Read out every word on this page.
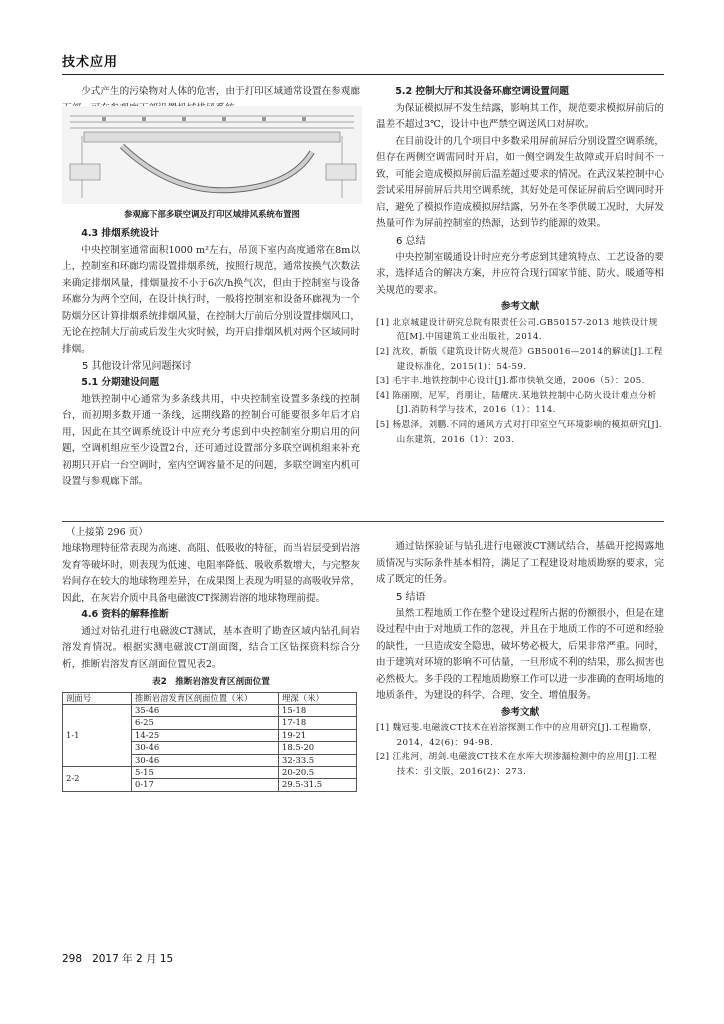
技术应用

少式产生的污染物对人体的危害，由于打印区域通常设置在参观廊

参观廊下部多联空调及打印区域排风系统布置图

4.3 排烟系统设计

中央控制室通常面积1000 m²左右，吊顶下室内高度通常在8m以上，控制室和环廊均需设置排烟系统，按照行规范，通常按换气次数法来确定排烟风量，排烟量按不小于6次/h换气次，但由于控制室与设备环廊分为两个空间，在设计执行时，一般将控制室和设备环廊视为一个防烟分区计算排烟系统排烟风量，在控制大厅前后分别设置排烟风口，无论在控制大厅前或后发生火灾时候，均开启排烟风机对两个区域同时排烟。

5 其他设计常见问题探讨

5.1 分期建设问题

地铁控制中心通常为多条线共用，中央控制室设置多条线的控制台，而初期多数开通一条线，远期线路的控制台可能要很多年后才启用，因此在其空调系统设计中应充分考虑到中央控制室分期启用的问题，空调机组应至少设置2台，还可通过设置部分多联空调机组来补充初期只开启一台空调时，室内空调容量不足的问题，多联空调室内机可设置与参观廊下部。

5.2 控制大厅和其设备环廊空调设置问题

为保证模拟屏不发生结露，影响其工作，规范要求模拟屏前后的温差不超过3℃，设计中也严禁空调送风口对屏吹。

在目前设计的几个项目中多数采用屏前屏后分别设置空调系统，但存在两侧空调需同时开启，如一侧空调发生故障或开启时间不一致，可能会造成模拟屏前后温差超过要求的情况。在武汉某控制中心尝试采用屏前屏后共用空调系统，其好处是可保证屏前后空调同时开启，避免了模拟作造成模拟屏结露，另外在冬季供暖工况时，大屏发热量可作为屏前控制室的热源，达到节约能源的效果。

6 总结

中央控制室暖通设计时应充分考虑到其建筑特点、工艺设备的要求，选择适合的解决方案，并应符合现行国家节能、防火、暖通等相关规范的要求。

参考文献

[1] 北京城建设计研究总院有限责任公司.GB50157-2013 地铁设计规范[M].中国建筑工业出版社，2014.

[2] 沈玫，新版《建筑设计防火规范》GB50016—2014的解读[J].工程建设标准化，2015(1)：54-59.

[3] 毛宇丰.地铁控制中心设计[J].都市快轨交通，2006（5）：205.

[4] 陈丽刚，尼军，肖朋让，陆耀庆.某地铁控制中心防火设计难点分析[J].消防科学与技术，2016（1）：114.

[5] 杨恩泽，刘鹏.不同的通风方式对打印室空气环境影响的模拟研究[J].山东建筑，2016（1）：203.

（上接第 296 页）

地球物理特征常表现为高速、高阻、低吸收的特征，而当岩层受到岩溶发育等破坏时，则表现为低速、电阻率降低、吸收系数增大，与完整灰岩间存在较大的地球物理差异，在成果图上表现为明显的高吸收异常，因此，在灰岩介质中具备电磁波CT探测岩溶的地球物理前提。

4.6 资料的解释推断

通过对钻孔进行电磁波CT测试，基本查明了勘查区域内钻孔间岩溶发育情况。根据实测电磁波CT剖面图，结合工区钻探资料综合分析，推断岩溶发育区剖面位置见表2。

表2　推断岩溶发育区剖面位置
剖面号	推断岩溶发育区剖面位置（米）	埋深（米）
1-1	35-46	15-18
	6-25	17-18
	14-25	19-21
	30-46	18.5-20
	30-46	32-33.5
2-2	5-15	20-20.5
	0-17	29.5-31.5

通过钻探验证与钻孔进行电磁波CT测试结合，基础开挖揭露地质情况与实际条件基本相符，满足了工程建设对地质勘察的要求，完成了既定的任务。

5 结语

虽然工程地质工作在整个建设过程所占据的份额很小，但是在建设过程中由于对地质工作的忽视，并且在于地质工作的不可逆和经验的缺性，一旦造成安全隐患，破坏势必极大，后果非常严重。同时，由于建筑对环境的影响不可估量，一旦形成不利的结果，那么损害也必然极大。多手段的工程地质勘察工作可以进一步准确的查明场地的地质条件，为建设的科学、合理、安全、增值服务。

参考文献

[1] 魏冠斐.电磁波CT技术在岩溶探测工作中的应用研究[J].工程勘察，2014，42(6)：94-98.

[2] 江兆河，胡剑.电磁波CT技术在水库大坝渗漏检测中的应用[J].工程技术：引文版，2016(2)：273.

298 2017 年 2 月 15
